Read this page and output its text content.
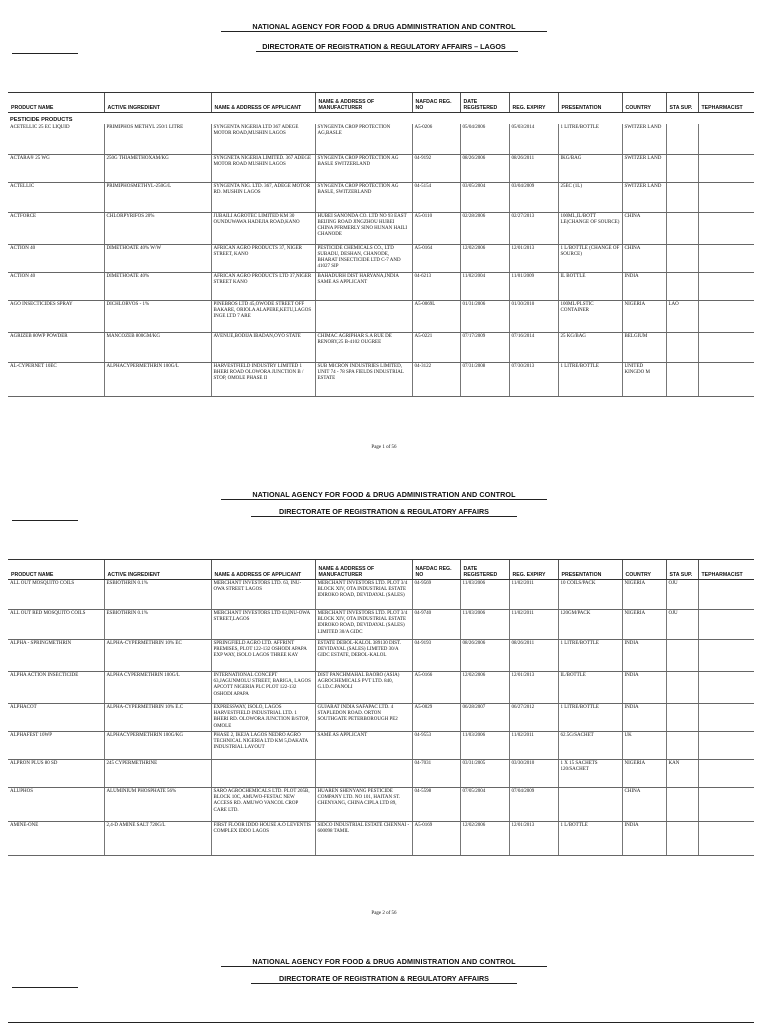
NATIONAL AGENCY FOR FOOD & DRUG ADMINISTRATION AND CONTROL
DIRECTORATE OF REGISTRATION & REGULATORY AFFAIRS – LAGOS
PRODUCT NAME	ACTIVE INGREDIENT	NAME & ADDRESS OF APPLICANT	NAME & ADDRESS OF MANUFACTURER	NAFDAC REG. NO	DATE REGISTERED	REG. EXPIRY	PRESENTATION	COUNTRY	STA SUP.	TEPHARMACIST
PESTICIDE PRODUCTS										
ACETELLIC 25 EC LIQUID	PRIMIPHOS METHYL 250/1 LITRE	SYNGENTA NIGERIA LTD 367 ADEGE MOTOR ROAD,MUSHIN LAGOS	SYNGENTA CROP PROTECTION AG,BASLE	A5-0206	05/04/2006	05/03/2014	1 LITRE/BOTTLE	SWITZER LAND		
ACTARA® 25 WG	250G THIAMETHOXAM/KG	SYNGNETA NIGERIA LIMITED. 367 ADEGE MOTOR ROAD MUSHIN LAGOS	SYNGENTA CROP PROTECTION AG BASLE SWITZERLAND	04-9192	08/26/2006	08/26/2011	IKG/BAG	SWITZER LAND		
ACTELLIC	PRIMIPHOSMETHYL-250G/L	SYNGENTA NIG. LTD. 367, ADEGE MOTOR RD. MUSHIN LAGOS	SYNGENTA CROP PROTECTION AG BASLE, SWITZERLAND	04-5154	03/05/2004	03/04/2009	25EC (1L)	SWITZER LAND		
ACTFORCE	CHLORPYRIFOS 20%	JUBAILI AGROTEC LIMITED KM 30 OUNDUWAWA HADEJIA ROAD,KANO	HUBEI SANONDA CO. LTD NO 93 EAST BEIJING ROAD JINGZHOU HUBEI CHINA PFRMERLY SINO HUNAN HAILI CHANODE	A5-0110	02/28/2006	02/27/2013	100ML,IL/BOTT LE(CHANGE OF SOURCE)	CHINA		
ACTION 40	DIMETHOATE 40% W/W	AFRICAN AGRO PRODUCTS 37, NIGER STREET, KANO	PESTICIDE CHEMICALS CO., LTD SUBADU, DESHAN, CHANODE, BHARAT INSECTICIDE LTD C-7 AND 41027 SIP	A5-0164	12/02/2006	12/01/2013	1 L/BOTTLE (CHANGE OF SOURCE)	CHINA		
ACTION 40	DIMETHOATE 40%	AFRICAN AGRO PRODUCTS LTD 37,NIGER STREET KANO	BAHADURH DIST HARYANA,INDIA SAME AS APPLICANT	04-6213	11/02/2004	11/01/2009	IL BOTTLE	INDIA		
AGO INSECTICIDES SPRAY	DICHLORVOS - 1%	PINEBROS LTD 45,OWODE STREET OFF BAKARE, ORIOLA ALAPERE,KETU,LAGOS INGE LTD 7 ARE		A5-0069L	01/31/2006	01/30/2010	100ML/PLSTIC CONTAINER	NIGERIA	LAO	
AGRIZEB 80WP POWDER	MANCOZEB 800GM/KG	AVENUE,BODIJA IBADAN,OYO STATE	CHIMAC AGRIPHAR S.A RUE DE RENORY,25 B-4102 OUGREE	A5-0221	07/17/2009	07/16/2014	25 KG/BAG	BELGIUM		
AL-CYPERNET 10EC	ALPHACYPERMETHRIN 100G/L	HARVESTFIELD INDUSTRY LIMITED 1 BHERI ROAD OLOWORA JUNCTION B / STOP, OMOLE PHASE II	SUB MICRON INDUSTRIES LIMITED, UNIT 74 - 78 SPA FIELDS INDUSTRIAL ESTATE	04-3122	07/31/2008	07/30/2013	1 LITRE/BOTTLE	UNITED KINGDO M		
Page 1 of 56
NATIONAL AGENCY FOR FOOD & DRUG ADMINISTRATION AND CONTROL
DIRECTORATE OF REGISTRATION & REGULATORY AFFAIRS
PRODUCT NAME	ACTIVE INGREDIENT	NAME & ADDRESS OF APPLICANT	NAME & ADDRESS OF MANUFACTURER	NAFDAC REG. NO	DATE REGISTERED	REG. EXPIRY	PRESENTATION	COUNTRY	STA SUP.	TEPHARMACIST
ALL OUT MOSQUITO COILS	ESBIOTHRIN 0.1%	MERCHANT INVESTORS LTD. 63, INU-OWA STREET LAGOS	MERCHANT INVESTORS LTD. PLOT 3/4 BLOCK XIV, OTA INDUSTRIAL ESTATE IDIROKO ROAD, DEVIDAYAL (SALES)	04-9569	11/03/2006	11/02/2011	10 COILS/PACK	NIGERIA	OJU	
ALL OUT RED MOSQUITO COILS	ESBIOTHRIN 0.1%	MERCHANT INVESTORS LTD 63,INU-OWA STREET,LAGOS	MERCHANT INVESTORS LTD. PLOT 3/4 BLOCK XIV, OTA INDUSTRIAL ESTATE IDIROKO ROAD, DEVIDAYAL (SALES) LIMITED 30/A GIDC	04-9740	11/03/2006	11/02/2011	120GM/PACK	NIGERIA	OJU	
ALPHA - SPRINGMETHRIN	ALPHA-CYPERMETHRIN 10% EC	SPRINGFIELD AGRO LTD. AFFRINT PREMISES, PLOT 122-132 OSHODI APAPA EXP WAY, ISOLO LAGOS THREE KAY	ESTATE DEBOL-KALOL 389130 DIST. DEVIDAYAL (SALES) LIMITED 30/A GIDC ESTATE, DEBOL-KALOL	04-9193	08/26/2006	08/26/2011	1 LITRE/BOTTLE	INDIA		
ALPHA ACTION INSECTICIDE	ALPHA CYPERMETHRIN 100G/L	INTERNATIONAL CONCEPT 63,JAGUNMOLU STREET, BARIGA, LAGOS APCOTT NIGERIA PLC PLOT 122-132 OSHODI APAPA	DIST PANCHMAHAL BAORO (ASIA) AGROCHEMICALS PVT LTD. 840, G.I.D.C.PANOLI	A5-0166	12/02/2006	12/01/2013	IL/BOTTLE	INDIA		
ALPHACOT	ALPHA-CYPERMETHRIN 10% E.C	EXPRESSWAY, ISOLO, LAGOS HARVESTFIELD INDUSTRIAL LTD. 1 BHERI RD. OLOWORA JUNCTION B/STOP, OMOLE	GUJARAT INDIA SAFAPAC LTD. 4 STAPLEDON ROAD. ORTON SOUTHGATE PETERBOROUGH PE2	A5-0029	06/28/2007	06/27/2012	1 LITRE/BOTTLE	INDIA		
ALPHAFEST 10WP	ALPHACYPERMETHRIN 100G/KG	PHASE 2, IKEJA LAGOS NEDRO AGRO TECHNICAL NIGERIA LTD KM 5,DAKATA INDUSTRIAL LAYOUT	SAME AS APPLICANT	04-9553	11/03/2006	11/02/2011	62.5G/SACHET	UK		
ALPRON PLUS 80 SD	245 CYPERMETHRINE			04-7031	03/31/2005	03/30/2010	1 X 15 SACHETS 120/SACHET	NIGERIA	KAN	
ALUPHOS	ALUMINIUM PHOSPHATE 56%	SARO AGROCHEMICALS LTD. PLOT 205B, BLOCK 10C, AMUWO-FESTAC NEW ACCESS RD. AMUWO VANCOL CROP CARE LTD.	HUAREN SHENYANG PESTICIDE COMPANY LTD. NO 101, HAITAN ST. CHENYANG, CHINA CIPLA LTD 89,	04-5598	07/05/2004	07/04/2009		CHINA		
AMINE-ONE	2,4-D AMINE SALT 720G/L	FIRST FLOOR IDDO HOUSE A.O LEVENTIS COMPLEX IDDO LAGOS	SIDCO INDUSTRIAL ESTATE CHENNAI - 600098 TAMIL	A5-0169	12/02/2006	12/01/2013	1 L/BOTTLE	INDIA		
Page 2 of 56
NATIONAL AGENCY FOR FOOD & DRUG ADMINISTRATION AND CONTROL
DIRECTORATE OF REGISTRATION & REGULATORY AFFAIRS
